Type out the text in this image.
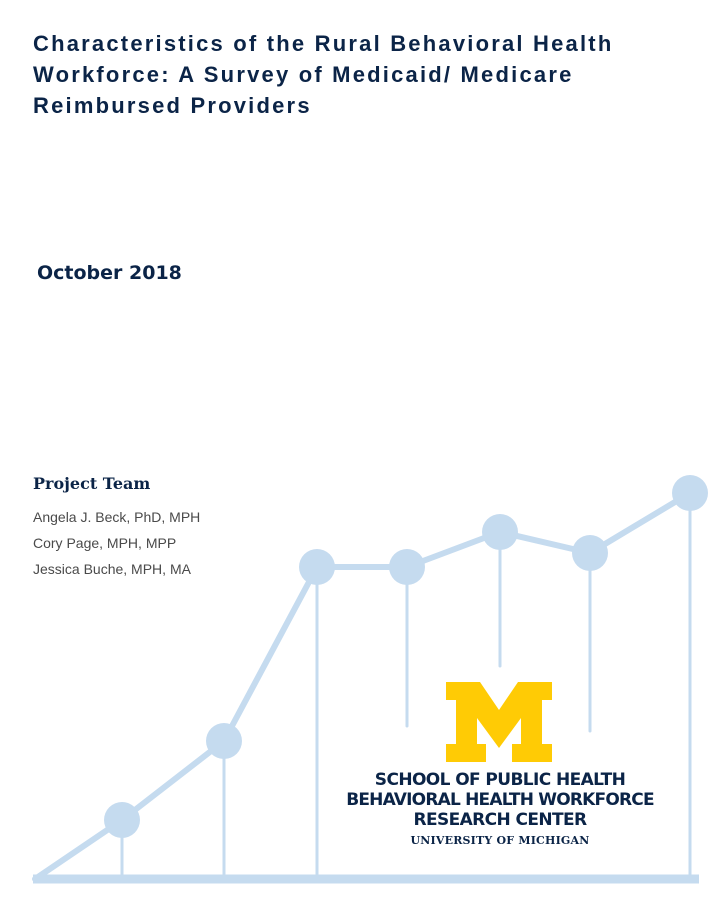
Characteristics of the Rural Behavioral Health Workforce: A Survey of Medicaid/ Medicare Reimbursed Providers

October 2018

Project Team

Angela J. Beck, PhD, MPH

Cory Page, MPH, MPP

Jessica Buche, MPH, MA

SCHOOL OF PUBLIC HEALTH

BEHAVIORAL HEALTH WORKFORCE

RESEARCH CENTER

UNIVERSITY OF MICHIGAN
